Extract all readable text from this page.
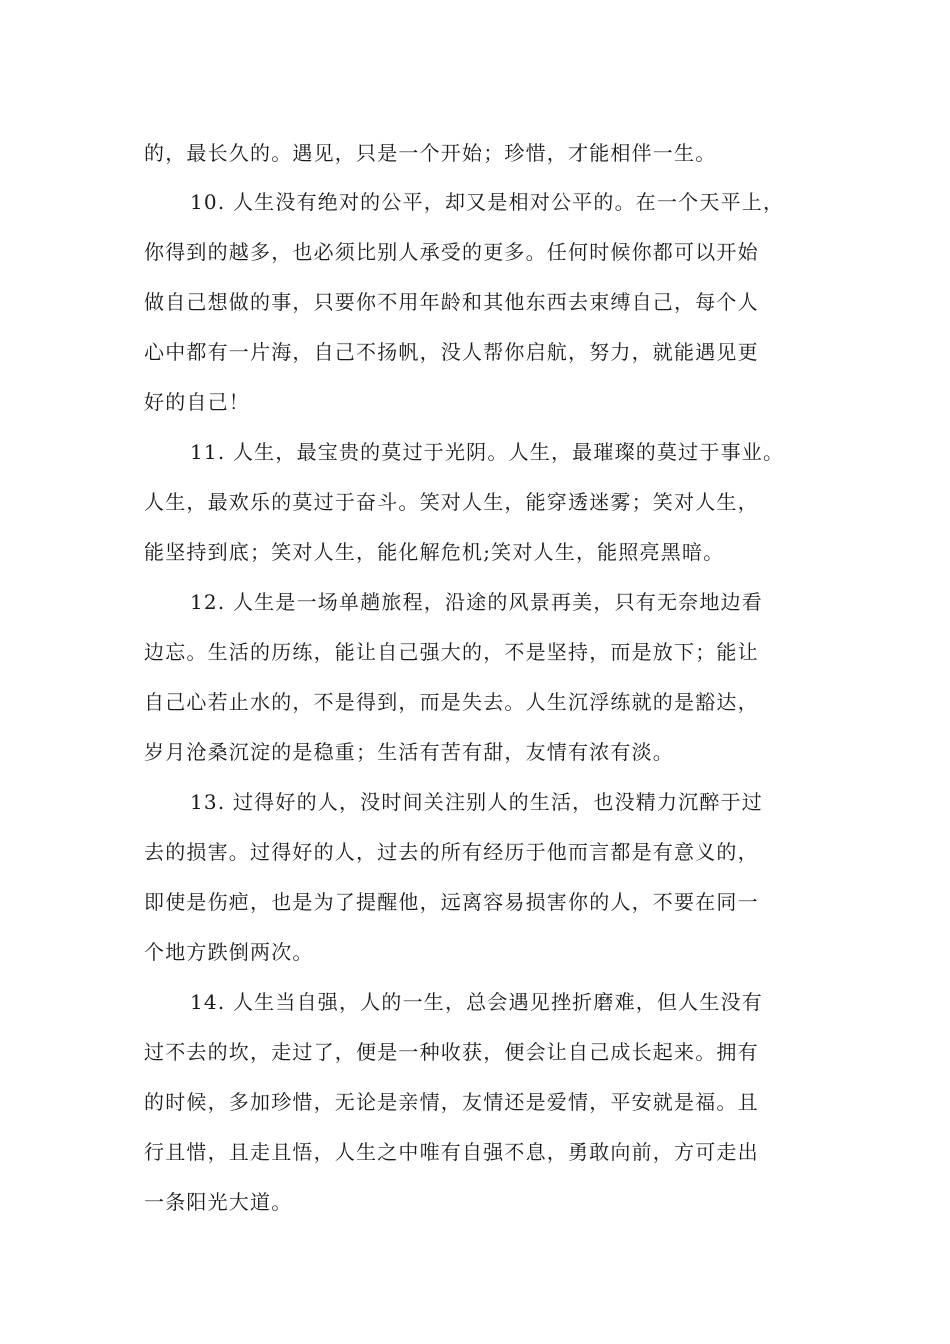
的，最长久的。遇见，只是一个开始；珍惜，才能相伴一生。
10. 人生没有绝对的公平，却又是相对公平的。在一个天平上，
你得到的越多，也必须比别人承受的更多。任何时候你都可以开始
做自己想做的事，只要你不用年龄和其他东西去束缚自己，每个人
心中都有一片海，自己不扬帆，没人帮你启航，努力，就能遇见更
好的自己！
11. 人生，最宝贵的莫过于光阴。人生，最璀璨的莫过于事业。
人生，最欢乐的莫过于奋斗。笑对人生，能穿透迷雾；笑对人生，
能坚持到底；笑对人生，能化解危机;笑对人生，能照亮黑暗。
12. 人生是一场单趟旅程，沿途的风景再美，只有无奈地边看
边忘。生活的历练，能让自己强大的，不是坚持，而是放下；能让
自己心若止水的，不是得到，而是失去。人生沉浮练就的是豁达，
岁月沧桑沉淀的是稳重；生活有苦有甜，友情有浓有淡。
13. 过得好的人，没时间关注别人的生活，也没精力沉醉于过
去的损害。过得好的人，过去的所有经历于他而言都是有意义的，
即使是伤疤，也是为了提醒他，远离容易损害你的人，不要在同一
个地方跌倒两次。
14. 人生当自强，人的一生，总会遇见挫折磨难，但人生没有
过不去的坎，走过了，便是一种收获，便会让自己成长起来。拥有
的时候，多加珍惜，无论是亲情，友情还是爱情，平安就是福。且
行且惜，且走且悟，人生之中唯有自强不息，勇敢向前，方可走出
一条阳光大道。
